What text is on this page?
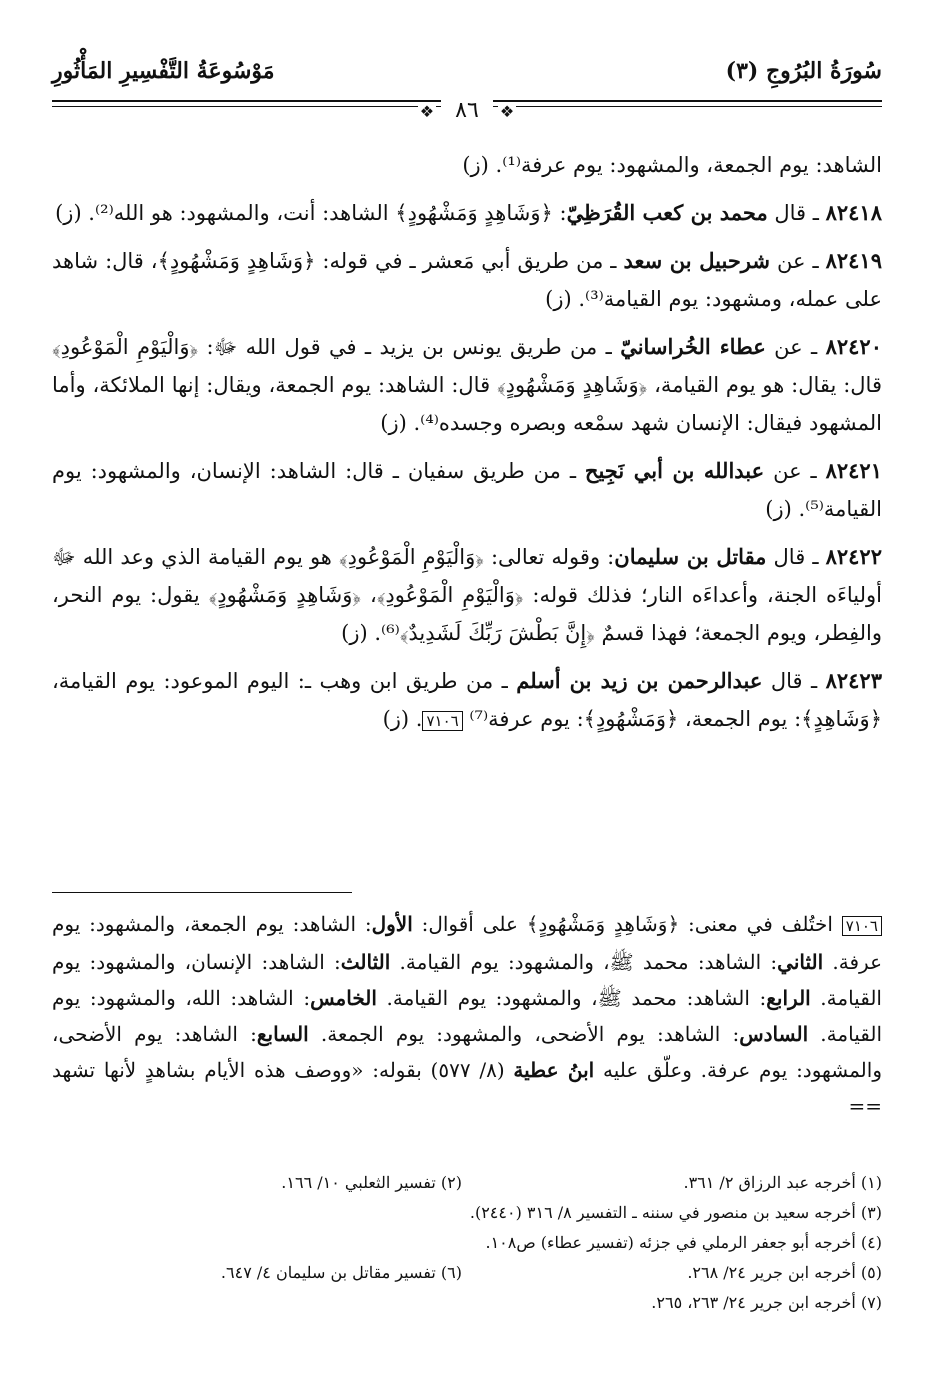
سُورَةُ البُرُوجِ (٣)
مَوْسُوعَةُ التَّفْسِيرِ المَأْثُورِ
❖ ٨٦ ❖
الشاهد: يوم الجمعة، والمشهود: يوم عرفة⁽¹⁾. (ز)
٨٢٤١٨ ـ قال محمد بن كعب القُرَظِيّ: ﴿وَشَاهِدٍ وَمَشْهُودٍ﴾ الشاهد: أنت، والمشهود: هو الله⁽²⁾. (ز)
٨٢٤١٩ ـ عن شرحبيل بن سعد ـ من طريق أبي مَعشر ـ في قوله: ﴿وَشَاهِدٍ وَمَشْهُودٍ﴾، قال: شاهد على عمله، ومشهود: يوم القيامة⁽³⁾. (ز)
٨٢٤٢٠ ـ عن عطاء الخُراسانيّ ـ من طريق يونس بن يزيد ـ في قول الله ﷻ: ﴿وَالْيَوْمِ الْمَوْعُودِ﴾ قال: يقال: هو يوم القيامة، ﴿وَشَاهِدٍ وَمَشْهُودٍ﴾ قال: الشاهد: يوم الجمعة، ويقال: إنها الملائكة، وأما المشهود فيقال: الإنسان شهد سمْعه وبصره وجسده⁽⁴⁾. (ز)
٨٢٤٢١ ـ عن عبدالله بن أبي نَجِيح ـ من طريق سفيان ـ قال: الشاهد: الإنسان، والمشهود: يوم القيامة⁽⁵⁾. (ز)
٨٢٤٢٢ ـ قال مقاتل بن سليمان: وقوله تعالى: ﴿وَالْيَوْمِ الْمَوْعُودِ﴾ هو يوم القيامة الذي وعد الله ﷻ أولياءَه الجنة، وأعداءَه النار؛ فذلك قوله: ﴿وَالْيَوْمِ الْمَوْعُودِ﴾، ﴿وَشَاهِدٍ وَمَشْهُودٍ﴾ يقول: يوم النحر، والفِطر، ويوم الجمعة؛ فهذا قسمٌ ﴿إِنَّ بَطْشَ رَبِّكَ لَشَدِيدٌ﴾⁽⁶⁾. (ز)
٨٢٤٢٣ ـ قال عبدالرحمن بن زيد بن أسلم ـ من طريق ابن وهب ـ: اليوم الموعود: يوم القيامة، ﴿وَشَاهِدٍ﴾: يوم الجمعة، ﴿وَمَشْهُودٍ﴾: يوم عرفة⁽⁷⁾ ٧١٠٦. (ز)
٧١٠٦ اختُلف في معنى: ﴿وَشَاهِدٍ وَمَشْهُودٍ﴾ على أقوال: الأول: الشاهد: يوم الجمعة، والمشهود: يوم عرفة. الثاني: الشاهد: محمد ﷺ، والمشهود: يوم القيامة. الثالث: الشاهد: الإنسان، والمشهود: يوم القيامة. الرابع: الشاهد: محمد ﷺ، والمشهود: يوم القيامة. الخامس: الشاهد: الله، والمشهود: يوم القيامة. السادس: الشاهد: يوم الأضحى، والمشهود: يوم الجمعة. السابع: الشاهد: يوم الأضحى، والمشهود: يوم عرفة. وعلّق عليه ابنُ عطية (٨/ ٥٧٧) بقوله: «ووصف هذه الأيام بشاهدٍ لأنها تشهد ==
(١) أخرجه عبد الرزاق ٢/ ٣٦١.
(٢) تفسير الثعلبي ١٠/ ١٦٦.
(٣) أخرجه سعيد بن منصور في سننه ـ التفسير ٨/ ٣١٦ (٢٤٤٠).
(٤) أخرجه أبو جعفر الرملي في جزئه (تفسير عطاء) ص١٠٨.
(٥) أخرجه ابن جرير ٢٤/ ٢٦٨.
(٦) تفسير مقاتل بن سليمان ٤/ ٦٤٧.
(٧) أخرجه ابن جرير ٢٤/ ٢٦٣، ٢٦٥.
